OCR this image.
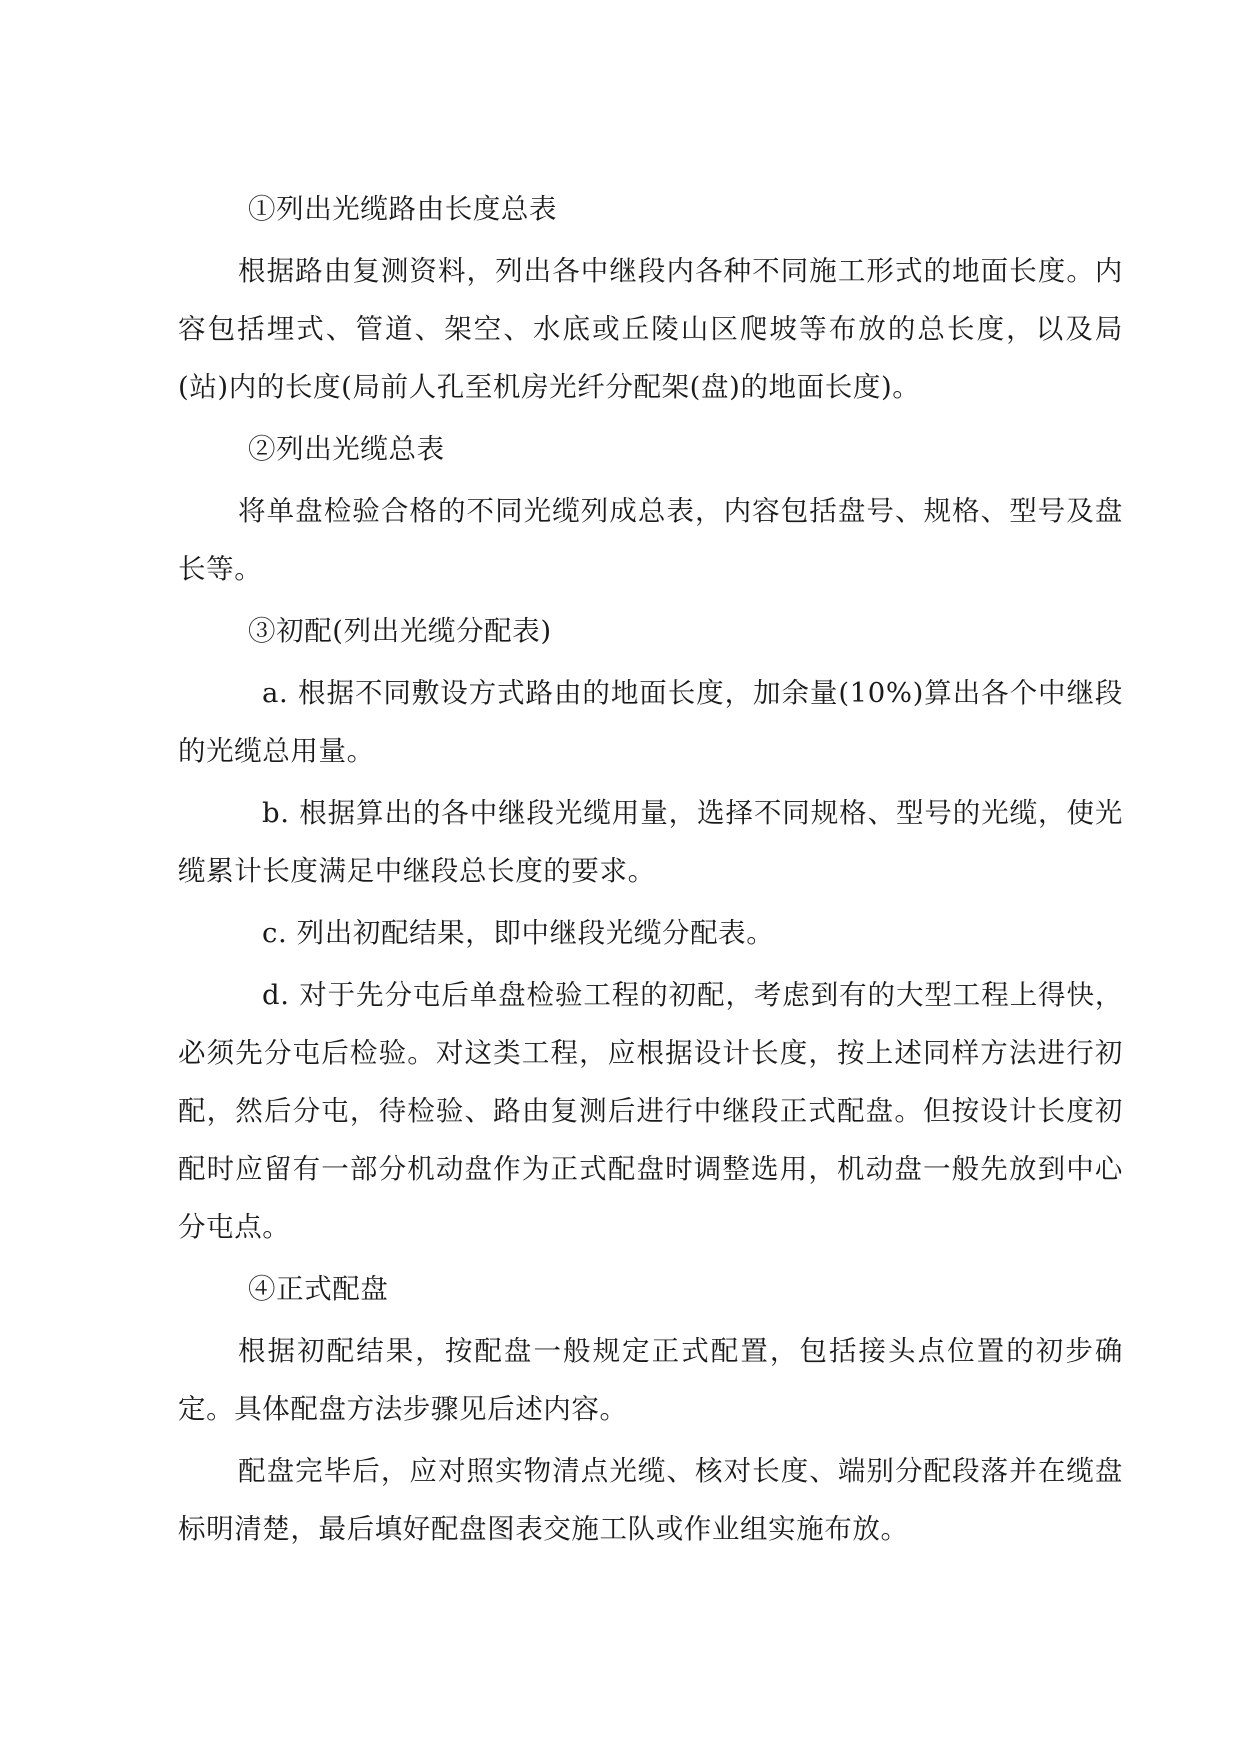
①列出光缆路由长度总表

根据路由复测资料，列出各中继段内各种不同施工形式的地面长度。内容包括埋式、管道、架空、水底或丘陵山区爬坡等布放的总长度，以及局(站)内的长度(局前人孔至机房光纤分配架(盘)的地面长度)。

②列出光缆总表

将单盘检验合格的不同光缆列成总表，内容包括盘号、规格、型号及盘长等。

③初配(列出光缆分配表)

a. 根据不同敷设方式路由的地面长度，加余量(10%)算出各个中继段的光缆总用量。

b. 根据算出的各中继段光缆用量，选择不同规格、型号的光缆，使光缆累计长度满足中继段总长度的要求。

c. 列出初配结果，即中继段光缆分配表。

d. 对于先分屯后单盘检验工程的初配，考虑到有的大型工程上得快，必须先分屯后检验。对这类工程，应根据设计长度，按上述同样方法进行初配，然后分屯，待检验、路由复测后进行中继段正式配盘。但按设计长度初配时应留有一部分机动盘作为正式配盘时调整选用，机动盘一般先放到中心分屯点。

④正式配盘

根据初配结果，按配盘一般规定正式配置，包括接头点位置的初步确定。具体配盘方法步骤见后述内容。

配盘完毕后，应对照实物清点光缆、核对长度、端别分配段落并在缆盘标明清楚，最后填好配盘图表交施工队或作业组实施布放。
